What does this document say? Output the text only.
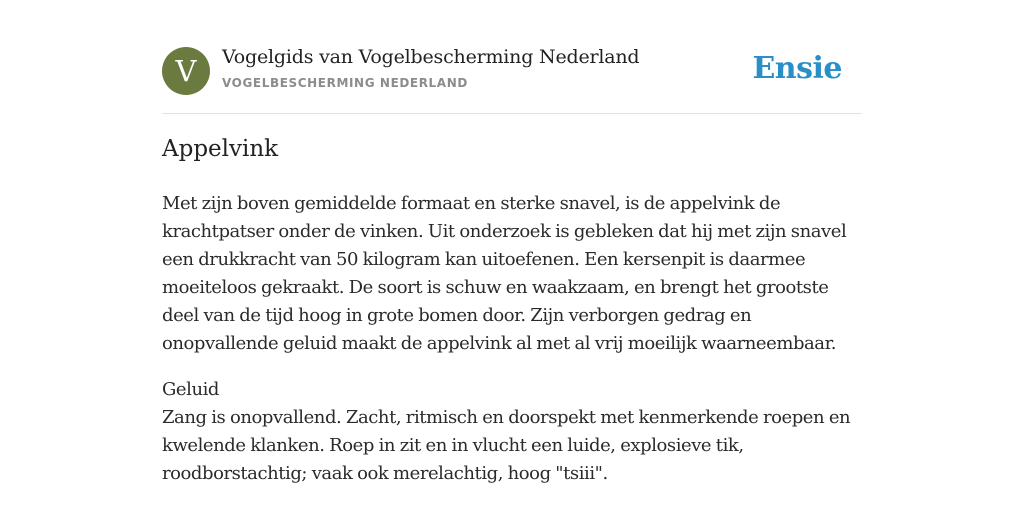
V	Vogelgids van Vogelbescherming Nederland
VOGELBESCHERMING NEDERLAND	Ensie
Appelvink

Met zijn boven gemiddelde formaat en sterke snavel, is de appelvink de krachtpatser onder de vinken. Uit onderzoek is gebleken dat hij met zijn snavel een drukkracht van 50 kilogram kan uitoefenen. Een kersenpit is daarmee moeiteloos gekraakt. De soort is schuw en waakzaam, en brengt het grootste deel van de tijd hoog in grote bomen door. Zijn verborgen gedrag en onopvallende geluid maakt de appelvink al met al vrij moeilijk waarneembaar.

Geluid
Zang is onopvallend. Zacht, ritmisch en doorspekt met kenmerkende roepen en kwelende klanken. Roep in zit en in vlucht een luide, explosieve tik, roodborstachtig; vaak ook merelachtig, hoog "tsiii".
